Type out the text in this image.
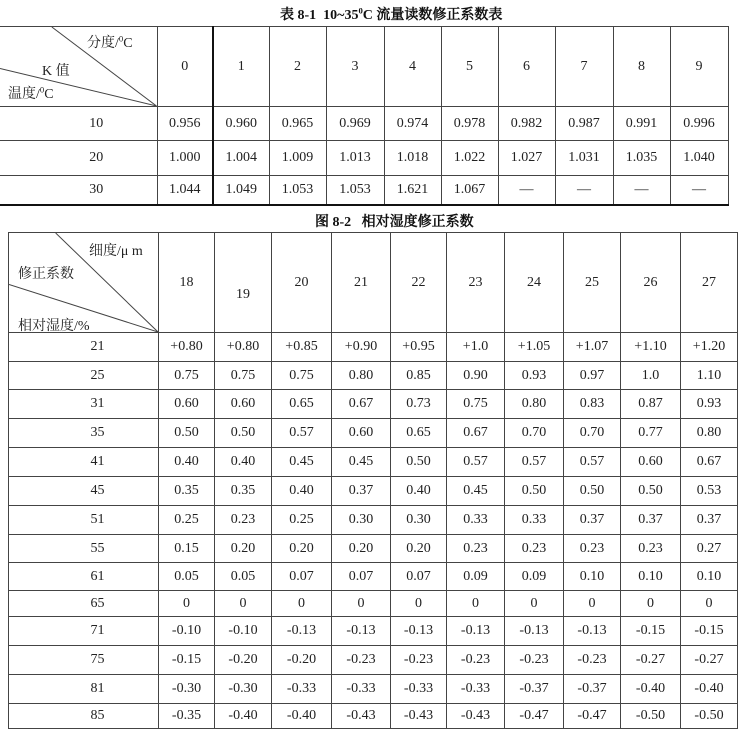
表 8-1  $10\sim 35^0C$ 流量读数修正系数表
分度/$^0$C
K 值
温度/$^0$C	0	1	2	3	4	5	6	7	8	9
10	0.956	0.960	0.965	0.969	0.974	0.978	0.982	0.987	0.991	0.996
20	1.000	1.004	1.009	1.013	1.018	1.022	1.027	1.031	1.035	1.040
30	1.044	1.049	1.053	1.053	1.621	1.067	—	—	—	—
图 8-2   相对湿度修正系数
细度/μ m
修正系数
相对湿度/%	18	19	20	21	22	23	24	25	26	27
21	+0.80	+0.80	+0.85	+0.90	+0.95	+1.0	+1.05	+1.07	+1.10	+1.20
25	0.75	0.75	0.75	0.80	0.85	0.90	0.93	0.97	1.0	1.10
31	0.60	0.60	0.65	0.67	0.73	0.75	0.80	0.83	0.87	0.93
35	0.50	0.50	0.57	0.60	0.65	0.67	0.70	0.70	0.77	0.80
41	0.40	0.40	0.45	0.45	0.50	0.57	0.57	0.57	0.60	0.67
45	0.35	0.35	0.40	0.37	0.40	0.45	0.50	0.50	0.50	0.53
51	0.25	0.23	0.25	0.30	0.30	0.33	0.33	0.37	0.37	0.37
55	0.15	0.20	0.20	0.20	0.20	0.23	0.23	0.23	0.23	0.27
61	0.05	0.05	0.07	0.07	0.07	0.09	0.09	0.10	0.10	0.10
65	0	0	0	0	0	0	0	0	0	0
71	-0.10	-0.10	-0.13	-0.13	-0.13	-0.13	-0.13	-0.13	-0.15	-0.15
75	-0.15	-0.20	-0.20	-0.23	-0.23	-0.23	-0.23	-0.23	-0.27	-0.27
81	-0.30	-0.30	-0.33	-0.33	-0.33	-0.33	-0.37	-0.37	-0.40	-0.40
85	-0.35	-0.40	-0.40	-0.43	-0.43	-0.43	-0.47	-0.47	-0.50	-0.50
